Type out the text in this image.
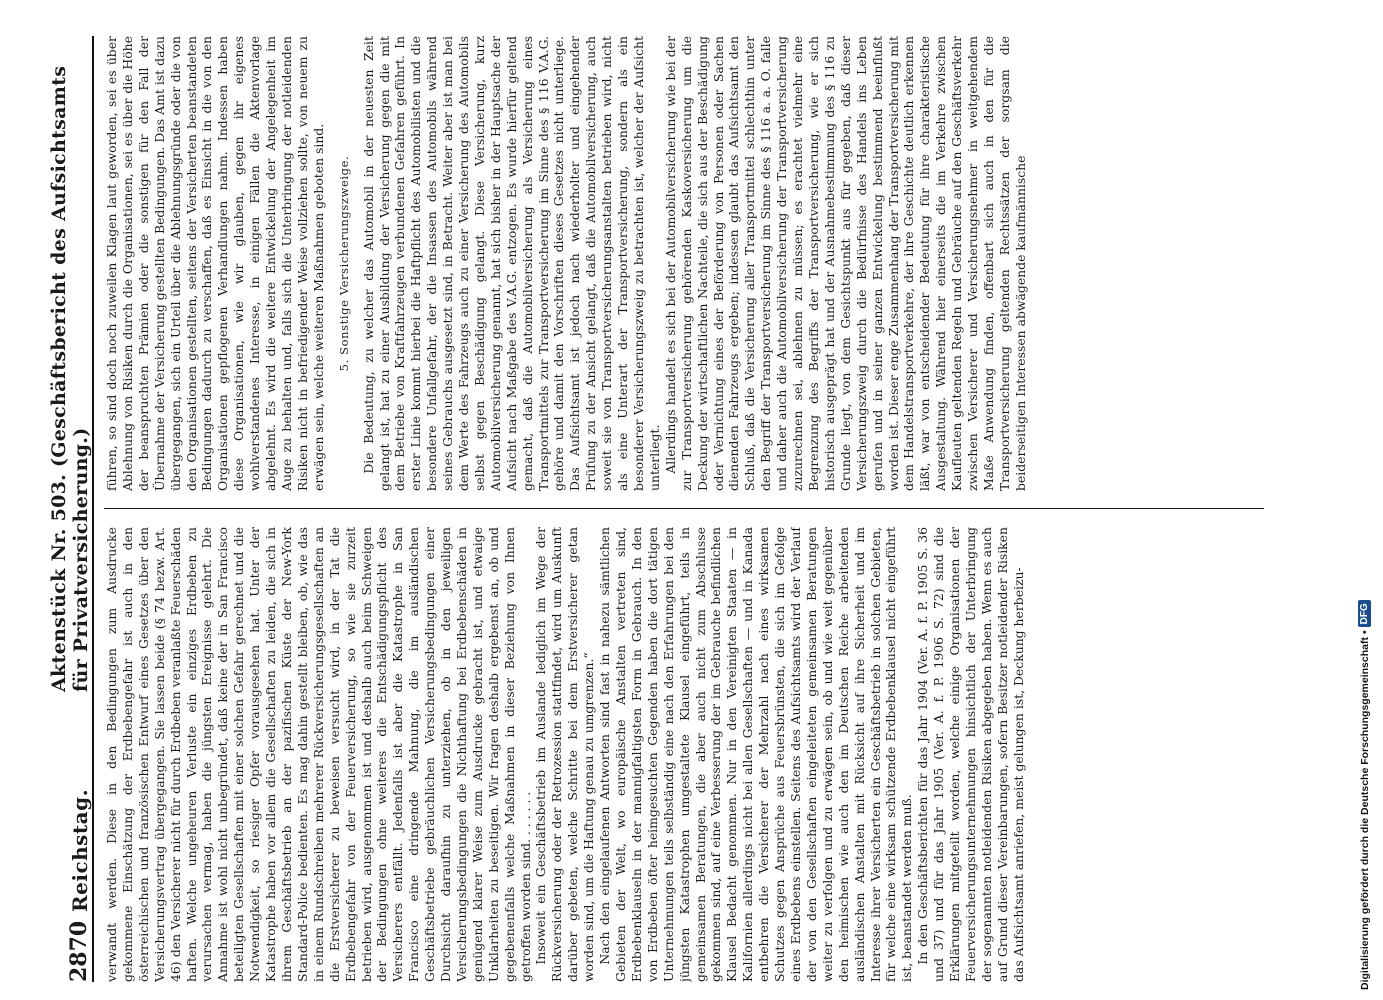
2870
Reichstag.
Aktenstück Nr. 503. (Geschäftsbericht des Aufsichtsamts für Privatversicherung.) verwandt werden. Diese in den Bedingungen zum Ausdrucke gekommene Einschätzung der Erdbebengefahr ist auch in den österreichischen und französischen Entwurf eines Gesetzes über den Versicherungsvertrag übergegangen. Sie lassen beide (§ 74 bezw. Art. 46) den Versicherer nicht für durch Erdbeben veranlaßte Feuerschäden haften. Welche ungeheuren Verluste ein einziges Erdbeben zu verursachen vermag, haben die jüngsten Ereignisse gelehrt. Die Annahme ist wohl nicht unbegründet, daß keine der in San Francisco beteiligten Gesellschaften mit einer solchen Gefahr gerechnet und die Notwendigkeit, so riesiger Opfer vorausgesehen hat. Unter der Katastrophe haben vor allem die Gesellschaften zu leiden, die sich in ihrem Geschäftsbetrieb an der pazifischen Küste der New-York Standard-Police bedienten. Es mag dahin gestellt bleiben, ob, wie das in einem Rundschreiben mehrerer Rückversicherungsgesellschaften an die Erstversicherer zu beweisen versucht wird, in der Tat die Erdbebengefahr von der Feuerversicherung, so wie sie zurzeit betrieben wird, ausgenommen ist und deshalb auch beim Schweigen der Bedingungen ohne weiteres die Entschädigungspflicht des Versicherers entfällt. Jedenfalls ist aber die Katastrophe in San Francisco eine dringende Mahnung, die im ausländischen Geschäftsbetriebe gebräuchlichen Versicherungsbedingungen einer Durchsicht daraufhin zu unterziehen, ob in den jeweiligen Versicherungsbedingungen die Nichthaftung bei Erdbebenschäden in genügend klarer Weise zum Ausdrucke gebracht ist, und etwaige Unklarheiten zu beseitigen. Wir fragen deshalb ergebenst an, ob und gegebenenfalls welche Maßnahmen in dieser Beziehung von Ihnen getroffen worden sind. . . . . . . Insoweit ein Geschäftsbetrieb im Auslande lediglich im Wege der Rückversicherung oder der Retrozession stattfindet, wird um Auskunft darüber gebeten, welche Schritte bei dem Erstversicherer getan worden sind, um die Haftung genau zu umgrenzen.“ Nach den eingelaufenen Antworten sind fast in nahezu sämtlichen Gebieten der Welt, wo europäische Anstalten vertreten sind, Erdbebenklauseln in der mannigfaltigsten Form in Gebrauch. In den von Erdbeben öfter heimgesuchten Gegenden haben die dort tätigen Unternehmungen teils selbständig eine nach den Erfahrungen bei den jüngsten Katastrophen umgestaltete Klausel eingeführt, teils in gemeinsamen Beratungen, die aber auch nicht zum Abschlusse gekommen sind, auf eine Verbesserung der im Gebrauche befindlichen Klausel Bedacht genommen. Nur in den Vereinigten Staaten — in Kalifornien allerdings nicht bei allen Gesellschaften — und in Kanada entbehren die Versicherer der Mehrzahl nach eines wirksamen Schutzes gegen Ansprüche aus Feuersbrünsten, die sich im Gefolge eines Erdbebens einstellen. Seitens des Aufsichtsamts wird der Verlauf der von den Gesellschaften eingeleiteten gemeinsamen Beratungen weiter zu verfolgen und zu erwägen sein, ob und wie weit gegenüber den heimischen wie auch den im Deutschen Reiche arbeitenden ausländischen Anstalten mit Rücksicht auf ihre Sicherheit und im Interesse ihrer Versicherten ein Geschäftsbetrieb in solchen Gebieten, für welche eine wirksam schützende Erdbebenklausel nicht eingeführt ist, beanstandet werden muß. In den Geschäftsberichten für das Jahr 1904 (Ver. A. f. P. 1905 S. 36 und 37) und für das Jahr 1905 (Ver. A. f. P. 1906 S. 72) sind die Erklärungen mitgeteilt worden, welche einige Organisationen der Feuerversicherungsunternehmungen hinsichtlich der Unterbringung der sogenannten notleidenden Risiken abgegeben haben. Wenn es auch auf Grund dieser Vereinbarungen, sofern Besitzer notleidender Risiken das Aufsichtsamt anriefen, meist gelungen ist, Deckung herbeizu-

führen, so sind doch noch zuweilen Klagen laut geworden, sei es über Ablehnung von Risiken durch die Organisationen, sei es über die Höhe der beanspruchten Prämien oder die sonstigen für den Fall der Übernahme der Versicherung gestellten Bedingungen. Das Amt ist dazu übergegangen, sich ein Urteil über die Ablehnungsgründe oder die von den Organisationen gestellten, seitens der Versicherten beanstandeten Bedingungen dadurch zu verschaffen, daß es Einsicht in die von den Organisationen gepflogenen Verhandlungen nahm. Indessen haben diese Organisationen, wie wir glauben, gegen ihr eigenes wohlverstandenes Interesse, in einigen Fällen die Aktenvorlage abgelehnt. Es wird die weitere Entwickelung der Angelegenheit im Auge zu behalten und, falls sich die Unterbringung der notleidenden Risiken nicht in befriedigender Weise vollziehen sollte, von neuem zu erwägen sein, welche weiteren Maßnahmen geboten sind. 5. Sonstige Versicherungszweige. Die Bedeutung, zu welcher das Automobil in der neuesten Zeit gelangt ist, hat zu einer Ausbildung der Versicherung gegen die mit dem Betriebe von Kraftfahrzeugen verbundenen Gefahren geführt. In erster Linie kommt hierbei die Haftpflicht des Automobilisten und die besondere Unfallgefahr, der die Insassen des Automobils während seines Gebrauchs ausgesetzt sind, in Betracht. Weiter aber ist man bei dem Werte des Fahrzeugs auch zu einer Versicherung des Automobils selbst gegen Beschädigung gelangt. Diese Versicherung, kurz Automobilversicherung genannt, hat sich bisher in der Hauptsache der Aufsicht nach Maßgabe des V.A.G. entzogen. Es wurde hierfür geltend gemacht, daß die Automobilversicherung als Versicherung eines Transportmittels zur Transportversicherung im Sinne des § 116 V.A.G. gehöre und damit den Vorschriften dieses Gesetzes nicht unterliege. Das Aufsichtsamt ist jedoch nach wiederholter und eingehender Prüfung zu der Ansicht gelangt, daß die Automobilversicherung, auch soweit sie von Transportversicherungsanstalten betrieben wird, nicht als eine Unterart der Transportversicherung, sondern als ein besonderer Versicherungszweig zu betrachten ist, welcher der Aufsicht unterliegt. Allerdings handelt es sich bei der Automobilversicherung wie bei der zur Transportversicherung gehörenden Kaskoversicherung um die Deckung der wirtschaftlichen Nachteile, die sich aus der Beschädigung oder Vernichtung eines der Beförderung von Personen oder Sachen dienenden Fahrzeugs ergeben; indessen glaubt das Aufsichtsamt den Schluß, daß die Versicherung aller Transportmittel schlechthin unter den Begriff der Transportversicherung im Sinne des § 116 a. a. O. falle und daher auch die Automobilversicherung der Transportversicherung zuzurechnen sei, ablehnen zu müssen; es erachtet vielmehr eine Begrenzung des Begriffs der Transportversicherung, wie er sich historisch ausgeprägt hat und der Ausnahmebestimmung des § 116 zu Grunde liegt, von dem Gesichtspunkt aus für gegeben, daß dieser Versicherungszweig durch die Bedürfnisse des Handels ins Leben gerufen und in seiner ganzen Entwickelung bestimmend beeinflußt worden ist. Dieser enge Zusammenhang der Transportversicherung mit dem Handelstransportverkehre, der ihre Geschichte deutlich erkennen läßt, war von entscheidender Bedeutung für ihre charakteristische Ausgestaltung. Während hier einerseits die im Verkehre zwischen Kaufleuten geltenden Regeln und Gebräuche auf den Geschäftsverkehr zwischen Versicherer und Versicherungsnehmer in weitgehendem Maße Anwendung finden, offenbart sich auch in den für die Transportversicherung geltenden Rechtssätzen der sorgsam die beiderseitigen Interessen abwägende kaufmännische

Digitalisierung gefördert durch die Deutsche Forschungsgemeinschaft
•
DFG
